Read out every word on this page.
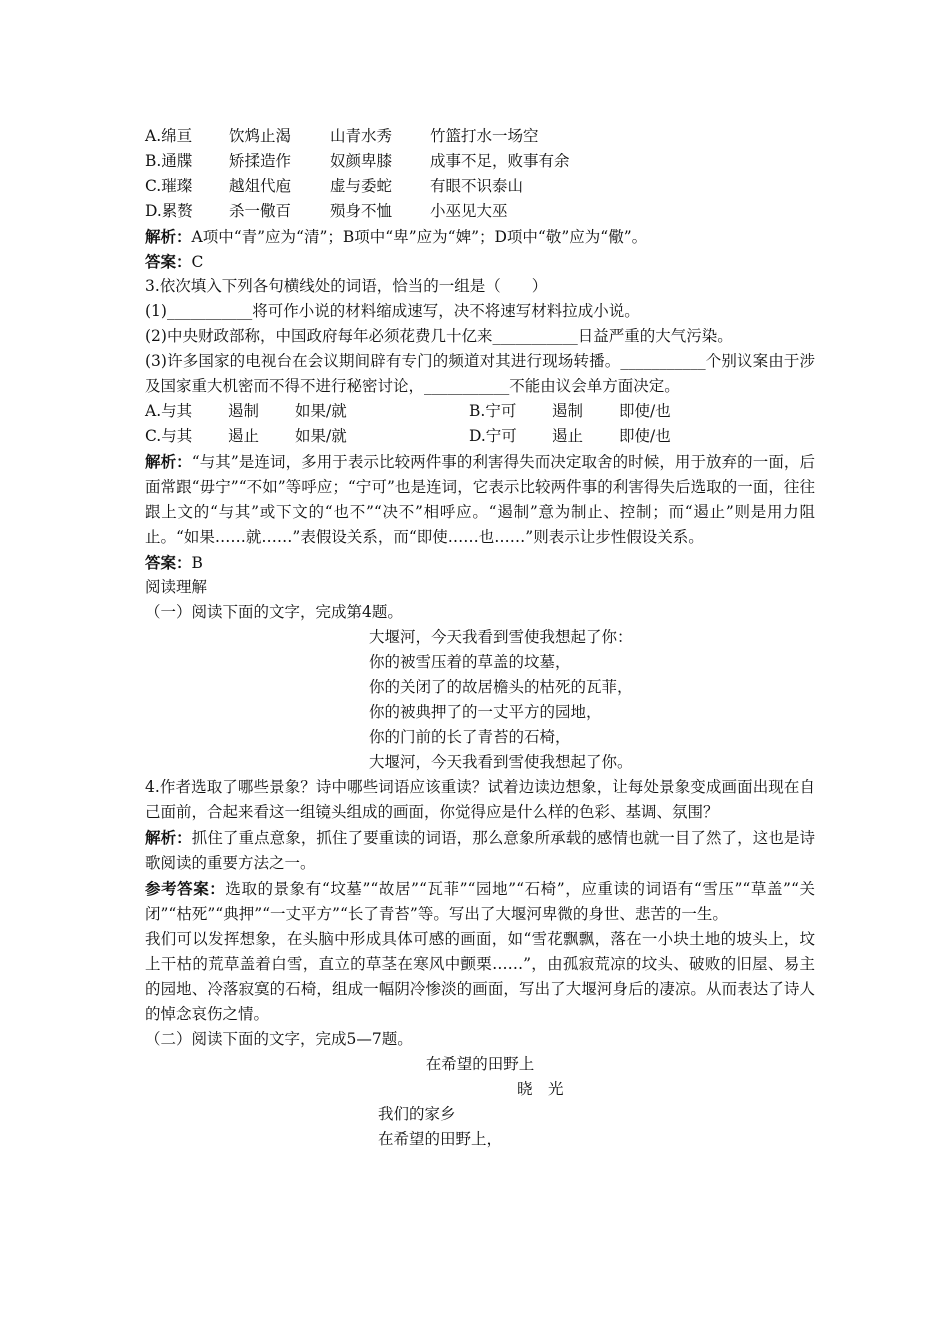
A.绵亘 饮鸩止渴	山青水秀 竹篮打水一场空
B.通牒 矫揉造作	奴颜卑膝 成事不足，败事有余
C.璀璨 越俎代庖	虚与委蛇 有眼不识泰山
D.累赘 杀一儆百	殒身不恤 小巫见大巫
解析：A项中“青”应为“清”；B项中“卑”应为“婢”；D项中“敬”应为“儆”。
答案：C
3.依次填入下列各句横线处的词语，恰当的一组是（　　）
(1)___________将可作小说的材料缩成速写，决不将速写材料拉成小说。
(2)中央财政部称，中国政府每年必须花费几十亿来___________日益严重的大气污染。
(3)许多国家的电视台在会议期间辟有专门的频道对其进行现场转播。___________个别议案由于涉及国家重大机密而不得不进行秘密讨论，___________不能由议会单方面决定。
A.与其 遏制 如果/就	B.宁可 遏制 即使/也
C.与其 遏止 如果/就	D.宁可 遏止 即使/也
解析：“与其”是连词，多用于表示比较两件事的利害得失而决定取舍的时候，用于放弃的一面，后面常跟“毋宁”“不如”等呼应；“宁可”也是连词，它表示比较两件事的利害得失后选取的一面，往往跟上文的“与其”或下文的“也不”“决不”相呼应。“遏制”意为制止、控制；而“遏止”则是用力阻止。“如果……就……”表假设关系，而“即使……也……”则表示让步性假设关系。
答案：B
阅读理解
（一）阅读下面的文字，完成第4题。
大堰河，今天我看到雪使我想起了你：
你的被雪压着的草盖的坟墓，
你的关闭了的故居檐头的枯死的瓦菲，
你的被典押了的一丈平方的园地，
你的门前的长了青苔的石椅，
大堰河，今天我看到雪使我想起了你。
4.作者选取了哪些景象？诗中哪些词语应该重读？试着边读边想象，让每处景象变成画面出现在自己面前，合起来看这一组镜头组成的画面，你觉得应是什么样的色彩、基调、氛围？
解析：抓住了重点意象，抓住了要重读的词语，那么意象所承载的感情也就一目了然了，这也是诗歌阅读的重要方法之一。
参考答案：选取的景象有“坟墓”“故居”“瓦菲”“园地”“石椅”，应重读的词语有“雪压”“草盖”“关闭”“枯死”“典押”“一丈平方”“长了青苔”等。写出了大堰河卑微的身世、悲苦的一生。
我们可以发挥想象，在头脑中形成具体可感的画面，如“雪花飘飘，落在一小块土地的坡头上，坟上干枯的荒草盖着白雪，直立的草茎在寒风中颤栗……”，由孤寂荒凉的坟头、破败的旧屋、易主的园地、冷落寂寞的石椅，组成一幅阴冷惨淡的画面，写出了大堰河身后的凄凉。从而表达了诗人的悼念哀伤之情。
（二）阅读下面的文字，完成5—7题。
在希望的田野上
晓　光
我们的家乡
在希望的田野上，
